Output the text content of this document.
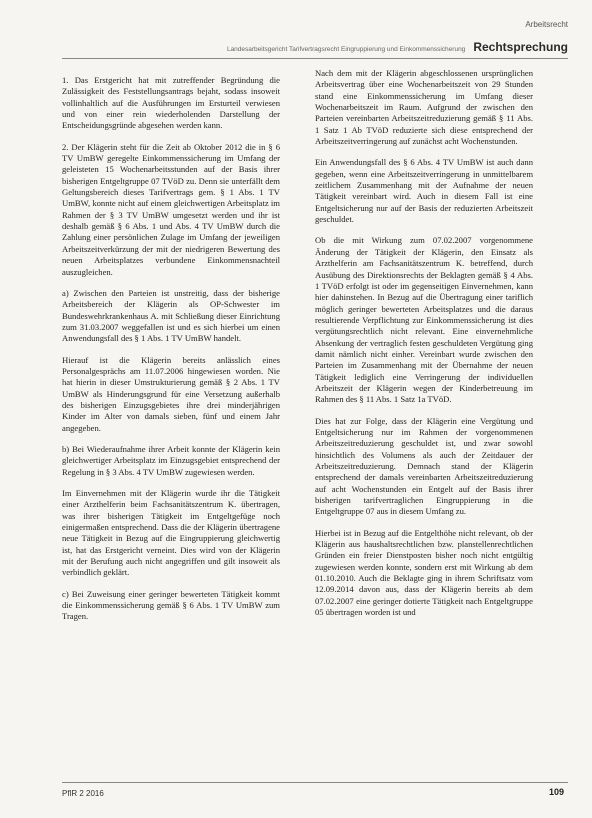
Arbeitsrecht
Landesarbeitsgericht Tarifvertragsrecht Eingruppierung und Einkommenssicherung Rechtsprechung

1. Das Erstgericht hat mit zutreffender Begründung die Zulässigkeit des Feststellungsantrags bejaht, sodass insoweit vollinhaltlich auf die Ausführungen im Ersturteil verwiesen und von einer rein wiederholenden Darstellung der Entscheidungsgründe abgesehen werden kann.

2. Der Klägerin steht für die Zeit ab Oktober 2012 die in § 6 TV UmBW geregelte Einkommenssicherung im Umfang der geleisteten 15 Wochenarbeitsstunden auf der Basis ihrer bisherigen Entgeltgruppe 07 TVöD zu. Denn sie unterfällt dem Geltungsbereich dieses Tarifvertrags gem. § 1 Abs. 1 TV UmBW, konnte nicht auf einem gleichwertigen Arbeitsplatz im Rahmen der § 3 TV UmBW umgesetzt werden und ihr ist deshalb gemäß § 6 Abs. 1 und Abs. 4 TV UmBW durch die Zahlung einer persönlichen Zulage im Umfang der jeweiligen Arbeitszeitverkürzung der mit der niedrigeren Bewertung des neuen Arbeitsplatzes verbundene Einkommensnachteil auszugleichen.

a) Zwischen den Parteien ist unstreitig, dass der bisherige Arbeitsbereich der Klägerin als OP-Schwester im Bundeswehrkrankenhaus A. mit Schließung dieser Einrichtung zum 31.03.2007 weggefallen ist und es sich hierbei um einen Anwendungsfall des § 1 Abs. 1 TV UmBW handelt.

Hierauf ist die Klägerin bereits anlässlich eines Personalgesprächs am 11.07.2006 hingewiesen worden. Nie hat hierin in dieser Umstrukturierung gemäß § 2 Abs. 1 TV UmBW als Hinderungsgrund für eine Versetzung außerhalb des bisherigen Einzugsgebietes ihre drei minderjährigen Kinder im Alter von damals sieben, fünf und einem Jahr angegeben.

b) Bei Wiederaufnahme ihrer Arbeit konnte der Klägerin kein gleichwertiger Arbeitsplatz im Einzugsgebiet entsprechend der Regelung in § 3 Abs. 4 TV UmBW zugewiesen werden.

Im Einvernehmen mit der Klägerin wurde ihr die Tätigkeit einer Arzthelferin beim Fachsanitätszentrum K. übertragen, was ihrer bisherigen Tätigkeit im Entgeltgefüge noch einigermaßen entsprechend. Dass die der Klägerin übertragene neue Tätigkeit in Bezug auf die Eingruppierung gleichwertig ist, hat das Erstgericht verneint. Dies wird von der Klägerin mit der Berufung auch nicht angegriffen und gilt insoweit als verbindlich geklärt.

c) Bei Zuweisung einer geringer bewerteten Tätigkeit kommt die Einkommenssicherung gemäß § 6 Abs. 1 TV UmBW zum Tragen.

Nach dem mit der Klägerin abgeschlossenen ursprünglichen Arbeitsvertrag über eine Wochenarbeitszeit von 29 Stunden stand eine Einkommenssicherung im Umfang dieser Wochenarbeitszeit im Raum. Aufgrund der zwischen den Parteien vereinbarten Arbeitszeitreduzierung gemäß § 11 Abs. 1 Satz 1 Ab TVöD reduzierte sich diese entsprechend der Arbeitszeitverringerung auf zunächst acht Wochenstunden.

Ein Anwendungsfall des § 6 Abs. 4 TV UmBW ist auch dann gegeben, wenn eine Arbeitszeitverringerung in unmittelbarem zeitlichem Zusammenhang mit der Aufnahme der neuen Tätigkeit vereinbart wird. Auch in diesem Fall ist eine Entgeltsicherung nur auf der Basis der reduzierten Arbeitszeit geschuldet.

Ob die mit Wirkung zum 07.02.2007 vorgenommene Änderung der Tätigkeit der Klägerin, den Einsatz als Arzthelferin am Fachsanitätszentrum K. betreffend, durch Ausübung des Direktionsrechts der Beklagten gemäß § 4 Abs. 1 TVöD erfolgt ist oder im gegenseitigen Einvernehmen, kann hier dahinstehen. In Bezug auf die Übertragung einer tariflich möglich geringer bewerteten Arbeitsplatzes und die daraus resultierende Verpflichtung zur Einkommenssicherung ist dies vergütungsrechtlich nicht relevant. Eine einvernehmliche Absenkung der vertraglich festen geschuldeten Vergütung ging damit nämlich nicht einher. Vereinbart wurde zwischen den Parteien im Zusammenhang mit der Übernahme der neuen Tätigkeit lediglich eine Verringerung der individuellen Arbeitszeit der Klägerin wegen der Kinderbetreuung im Rahmen des § 11 Abs. 1 Satz 1a TVöD.

Dies hat zur Folge, dass der Klägerin eine Vergütung und Entgeltsicherung nur im Rahmen der vorgenommenen Arbeitszeitreduzierung geschuldet ist, und zwar sowohl hinsichtlich des Volumens als auch der Zeitdauer der Arbeitszeitreduzierung. Demnach stand der Klägerin entsprechend der damals vereinbarten Arbeitszeitreduzierung auf acht Wochenstunden ein Entgelt auf der Basis ihrer bisherigen tarifvertraglichen Eingruppierung in die Entgeltgruppe 07 aus in diesem Umfang zu.

Hierbei ist in Bezug auf die Entgelthöhe nicht relevant, ob der Klägerin aus haushaltsrechtlichen bzw. planstellenrechtlichen Gründen ein freier Dienstposten bisher noch nicht entgültig zugewiesen werden konnte, sondern erst mit Wirkung ab dem 01.10.2010. Auch die Beklagte ging in ihrem Schriftsatz vom 12.09.2014 davon aus, dass der Klägerin bereits ab dem 07.02.2007 eine geringer dotierte Tätigkeit nach Entgeltgruppe 05 übertragen worden ist und

PflR 2 2016	109
